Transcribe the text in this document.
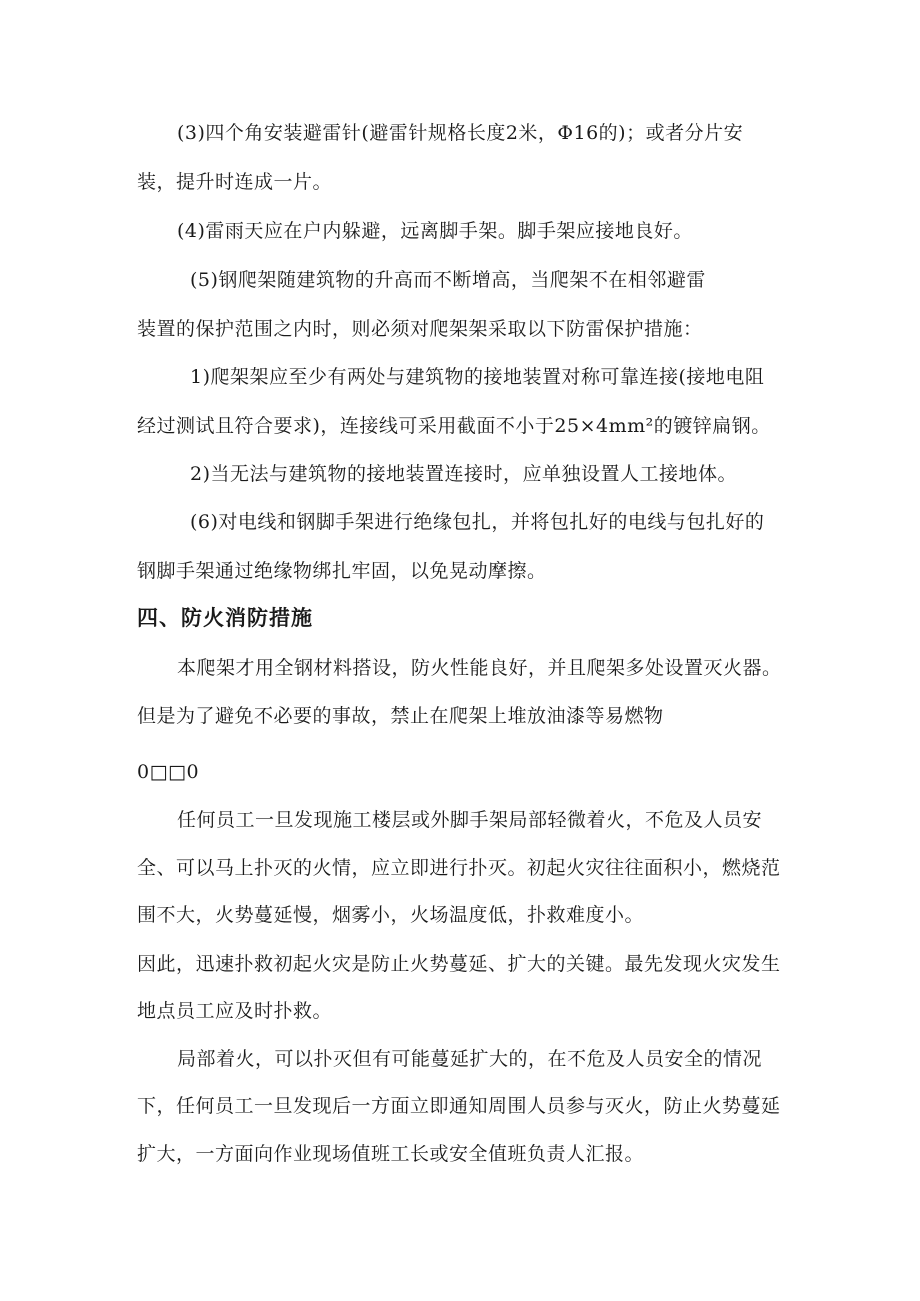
(3)四个角安装避雷针(避雷针规格长度2米，Φ16的)；或者分片安
装，提升时连成一片。
(4)雷雨天应在户内躲避，远离脚手架。脚手架应接地良好。
(5)钢爬架随建筑物的升高而不断增高，当爬架不在相邻避雷
装置的保护范围之内时，则必须对爬架架采取以下防雷保护措施：
1)爬架架应至少有两处与建筑物的接地装置对称可靠连接(接地电阻
经过测试且符合要求)，连接线可采用截面不小于25×4mm²的镀锌扁钢。
2)当无法与建筑物的接地装置连接时，应单独设置人工接地体。
(6)对电线和钢脚手架进行绝缘包扎，并将包扎好的电线与包扎好的
钢脚手架通过绝缘物绑扎牢固，以免晃动摩擦。
四、防火消防措施
本爬架才用全钢材料搭设，防火性能良好，并且爬架多处设置灭火器。
但是为了避免不必要的事故，禁止在爬架上堆放油漆等易燃物
0□□0
任何员工一旦发现施工楼层或外脚手架局部轻微着火，不危及人员安
全、可以马上扑灭的火情，应立即进行扑灭。初起火灾往往面积小，燃烧范
围不大，火势蔓延慢，烟雾小，火场温度低，扑救难度小。
因此，迅速扑救初起火灾是防止火势蔓延、扩大的关键。最先发现火灾发生
地点员工应及时扑救。
局部着火，可以扑灭但有可能蔓延扩大的，在不危及人员安全的情况
下，任何员工一旦发现后一方面立即通知周围人员参与灭火，防止火势蔓延
扩大，一方面向作业现场值班工长或安全值班负责人汇报。
